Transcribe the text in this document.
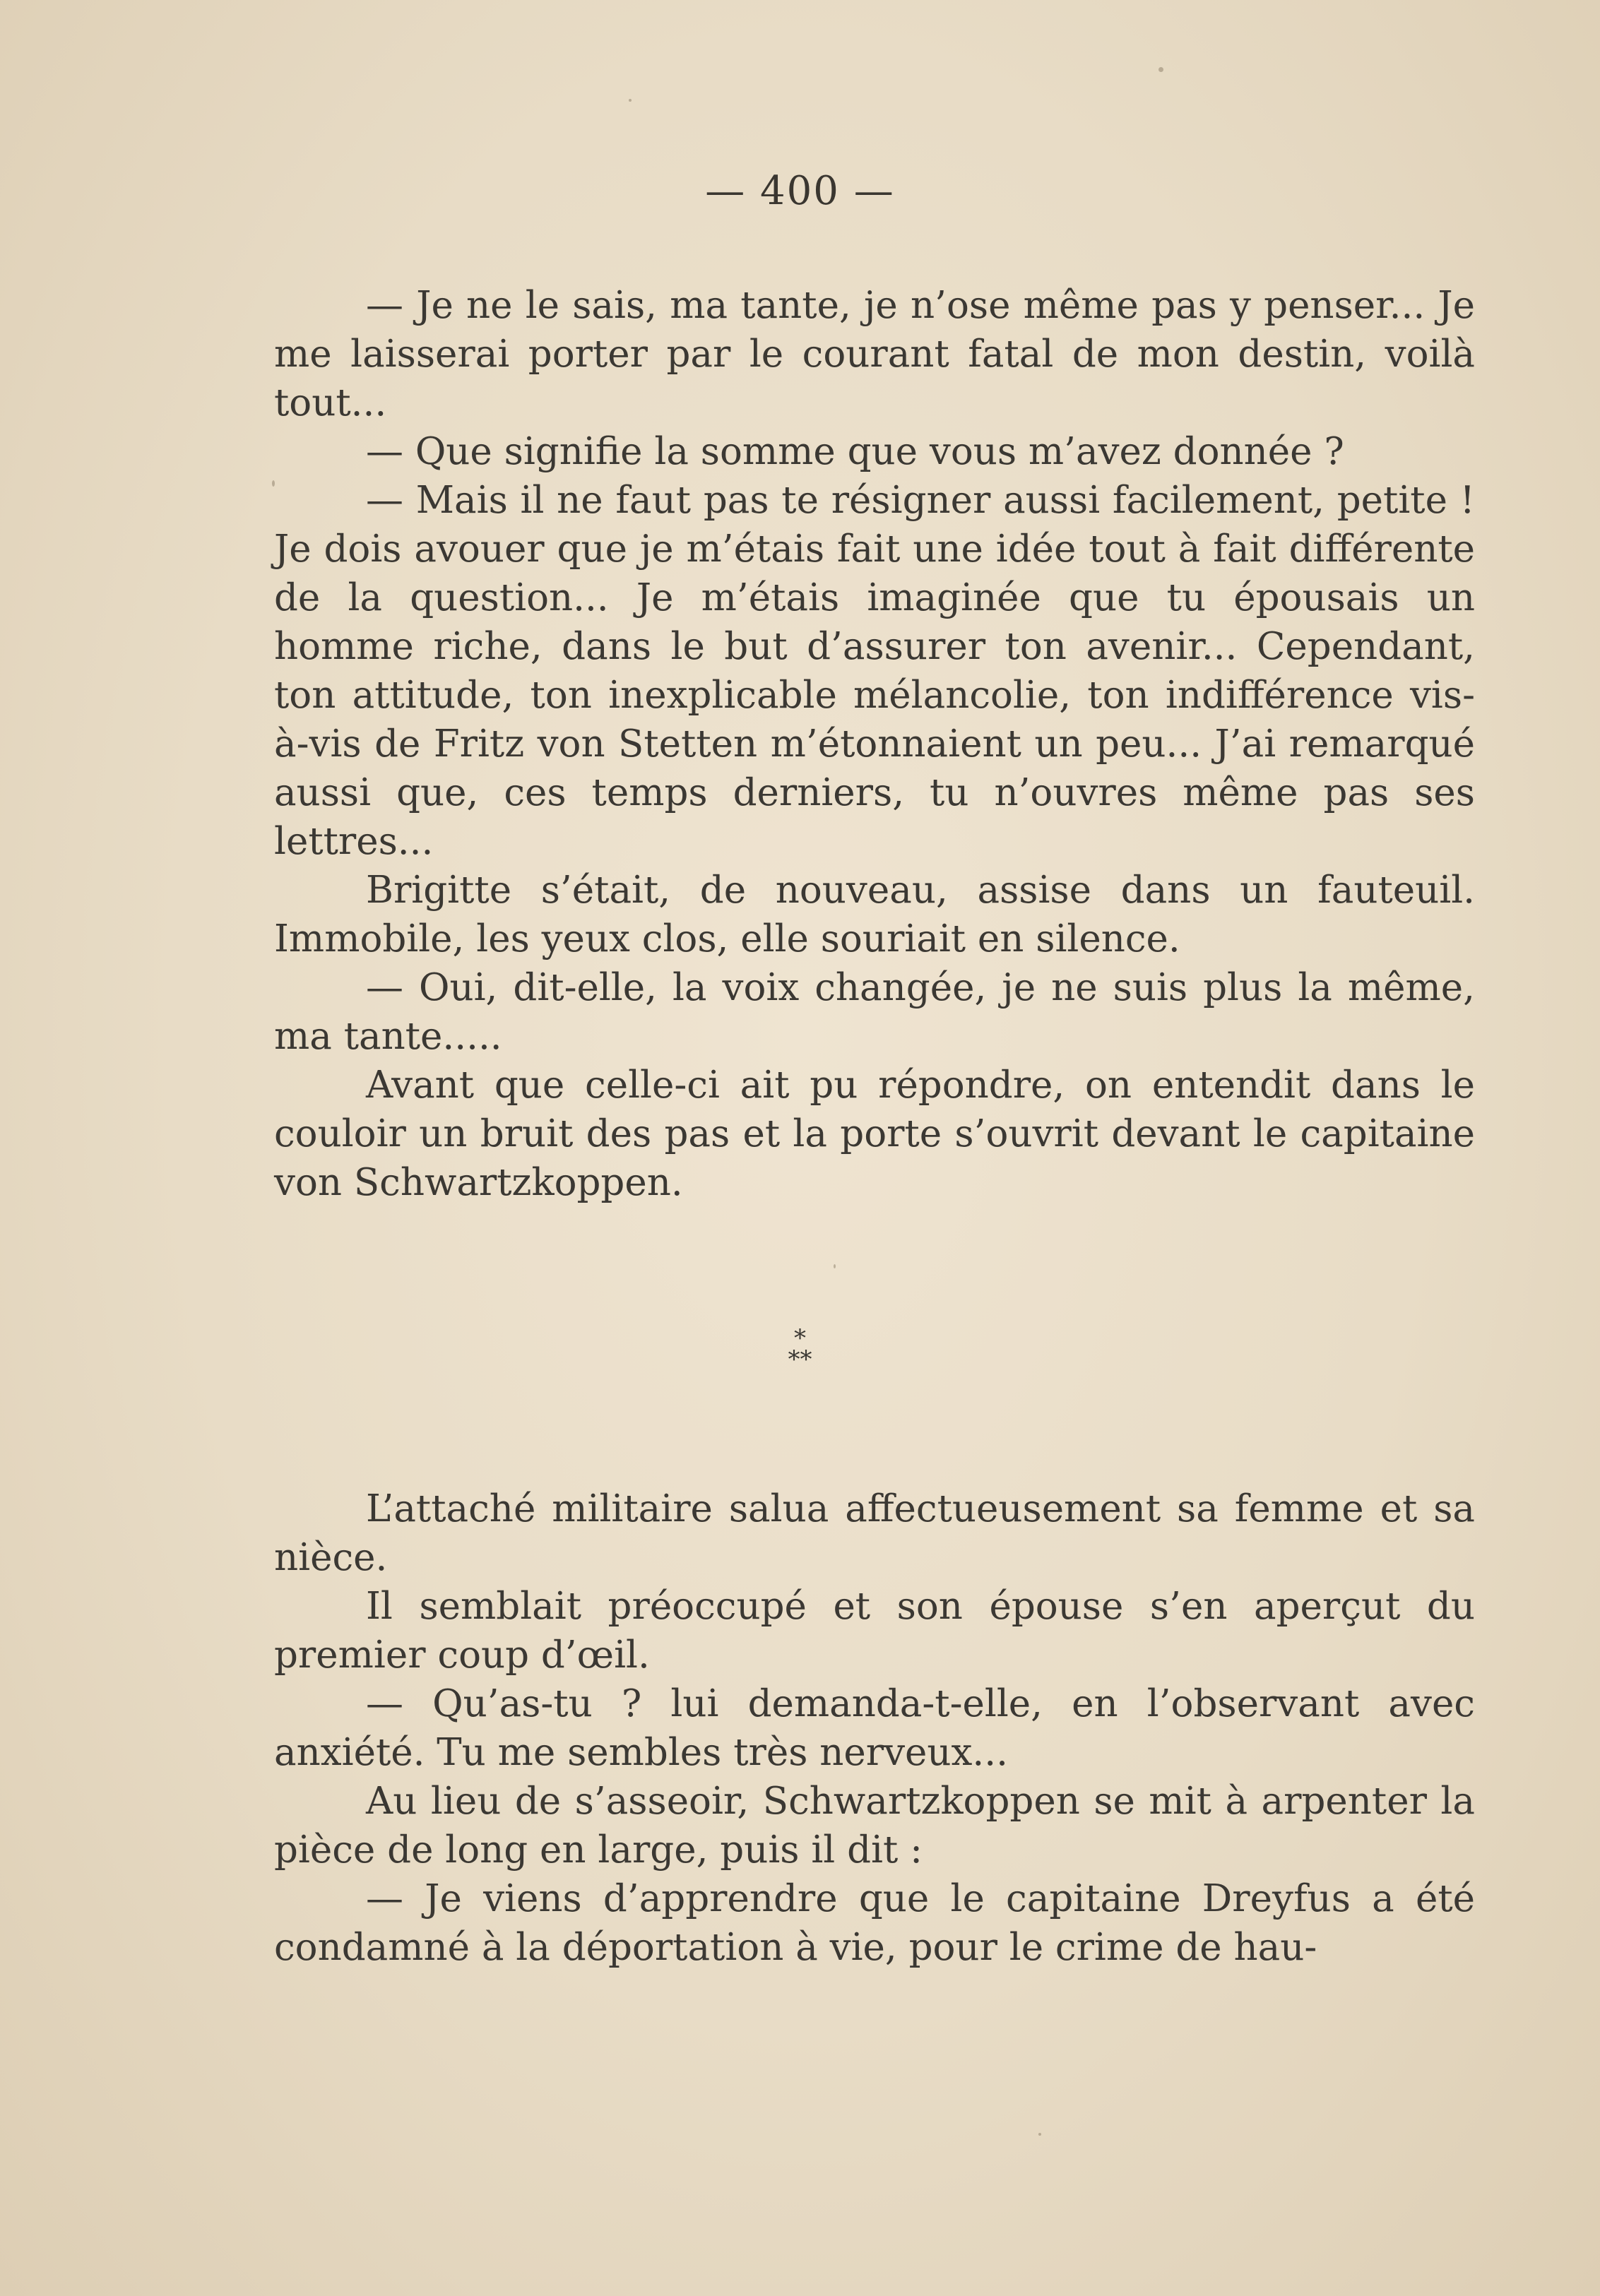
— 400 —

— Je ne le sais, ma tante, je n’ose même pas y penser... Je me laisserai porter par le courant fatal de mon destin, voilà tout...

— Que signifie la somme que vous m’avez donnée ?

— Mais il ne faut pas te résigner aussi facilement, petite ! Je dois avouer que je m’étais fait une idée tout à fait différente de la question... Je m’étais imaginée que tu épousais un homme riche, dans le but d’assurer ton avenir... Cependant, ton attitude, ton inexplicable mélancolie, ton indifférence vis-à-vis de Fritz von Stetten m’étonnaient un peu... J’ai remarqué aussi que, ces temps derniers, tu n’ouvres même pas ses lettres...

Brigitte s’était, de nouveau, assise dans un fauteuil. Immobile, les yeux clos, elle souriait en silence.

— Oui, dit-elle, la voix changée, je ne suis plus la même, ma tante.....

Avant que celle-ci ait pu répondre, on entendit dans le couloir un bruit des pas et la porte s’ouvrit devant le capitaine von Schwartzkoppen.

*
**

L’attaché militaire salua affectueusement sa femme et sa nièce.

Il semblait préoccupé et son épouse s’en aperçut du premier coup d’œil.

— Qu’as-tu ? lui demanda-t-elle, en l’observant avec anxiété. Tu me sembles très nerveux...

Au lieu de s’asseoir, Schwartzkoppen se mit à arpenter la pièce de long en large, puis il dit :

— Je viens d’apprendre que le capitaine Dreyfus a été condamné à la déportation à vie, pour le crime de hau-
